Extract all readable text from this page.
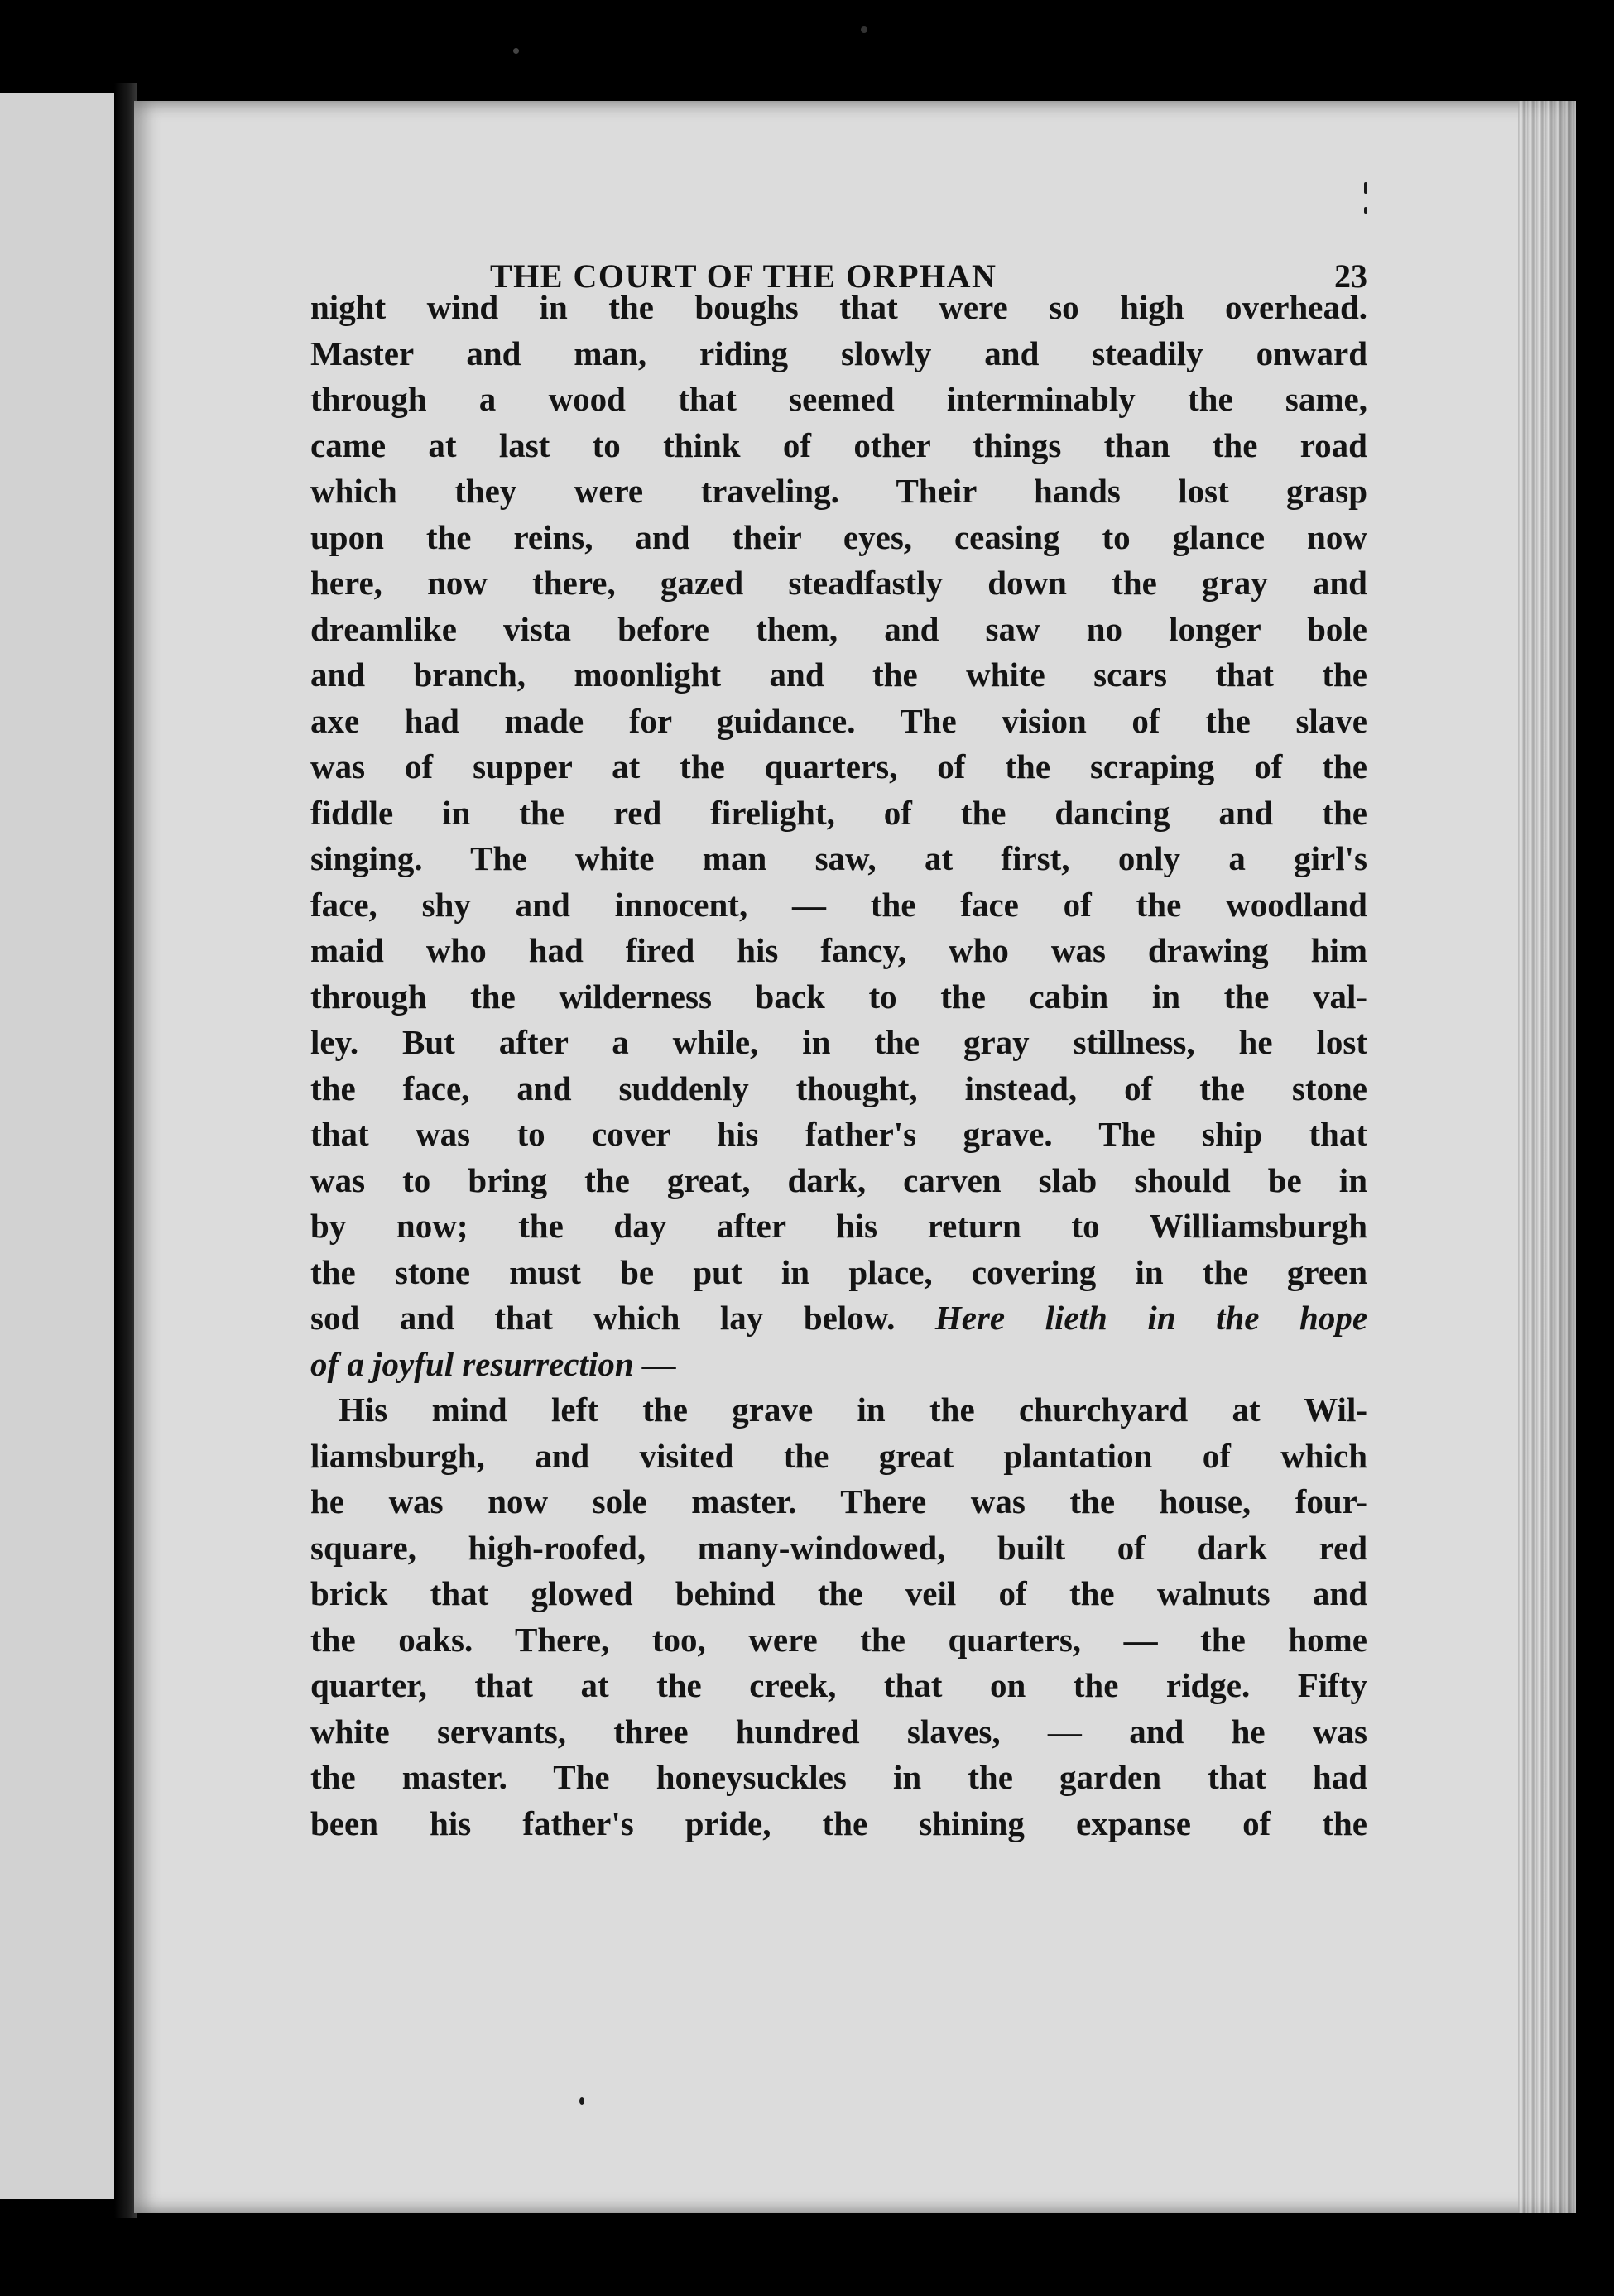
THE COURT OF THE ORPHAN	23
night wind in the boughs that were so high overhead.
Master and man, riding slowly and steadily onward
through a wood that seemed interminably the same,
came at last to think of other things than the road
which they were traveling. Their hands lost grasp
upon the reins, and their eyes, ceasing to glance now
here, now there, gazed steadfastly down the gray and
dreamlike vista before them, and saw no longer bole
and branch, moonlight and the white scars that the
axe had made for guidance. The vision of the slave
was of supper at the quarters, of the scraping of the
fiddle in the red firelight, of the dancing and the
singing. The white man saw, at first, only a girl's
face, shy and innocent, — the face of the woodland
maid who had fired his fancy, who was drawing him
through the wilderness back to the cabin in the val-
ley. But after a while, in the gray stillness, he lost
the face, and suddenly thought, instead, of the stone
that was to cover his father's grave. The ship that
was to bring the great, dark, carven slab should be in
by now; the day after his return to Williamsburgh
the stone must be put in place, covering in the green
sod and that which lay below. Here lieth in the hope
of a joyful resurrection —
His mind left the grave in the churchyard at Wil-
liamsburgh, and visited the great plantation of which
he was now sole master. There was the house, four-
square, high-roofed, many-windowed, built of dark red
brick that glowed behind the veil of the walnuts and
the oaks. There, too, were the quarters, — the home
quarter, that at the creek, that on the ridge. Fifty
white servants, three hundred slaves, — and he was
the master. The honeysuckles in the garden that had
been his father's pride, the shining expanse of the
